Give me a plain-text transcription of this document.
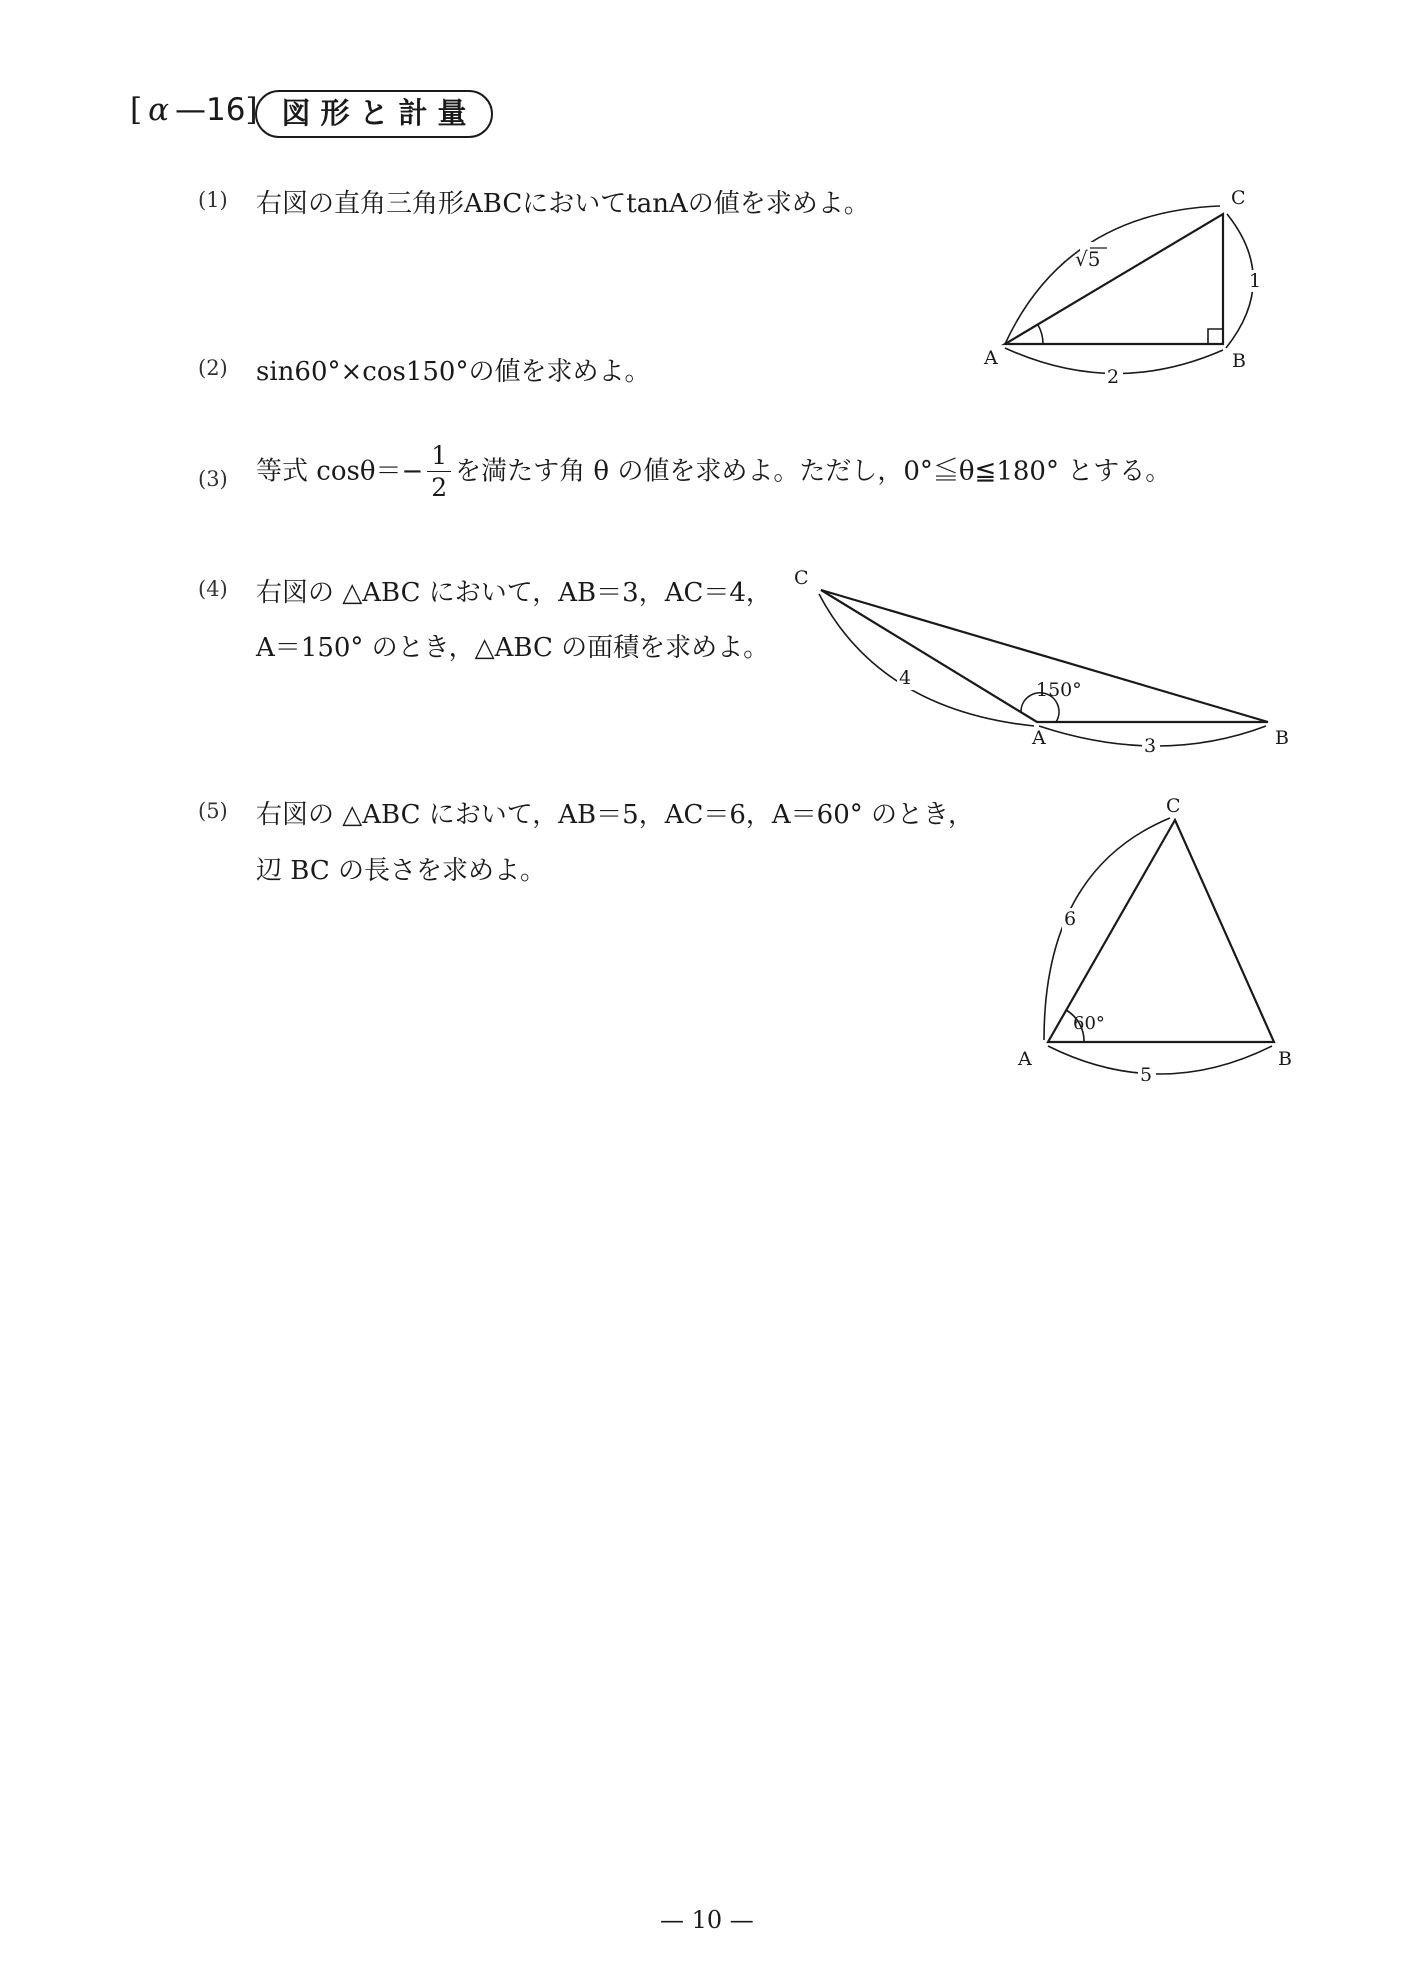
[ α —16] 図形と計量
(1) 右図の直角三角形ABCにおいてtanAの値を求めよ。
(2) sin60°×cos150°の値を求めよ。
(3) 等式 $\cos\theta=- \frac{1}{2}$ を満たす角 θ の値を求めよ。ただし，0°≦θ≦180° とする。
(4) 右図の △ABC において，AB＝3，AC＝4，
A＝150° のとき，△ABC の面積を求めよ。
(5) 右図の △ABC において，AB＝5，AC＝6，A＝60° のとき，
辺 BC の長さを求めよ。
A	B
C
√5
1
2
C
A	B
4
3
150°
C
A	B
6
5
60°
— 10 —
